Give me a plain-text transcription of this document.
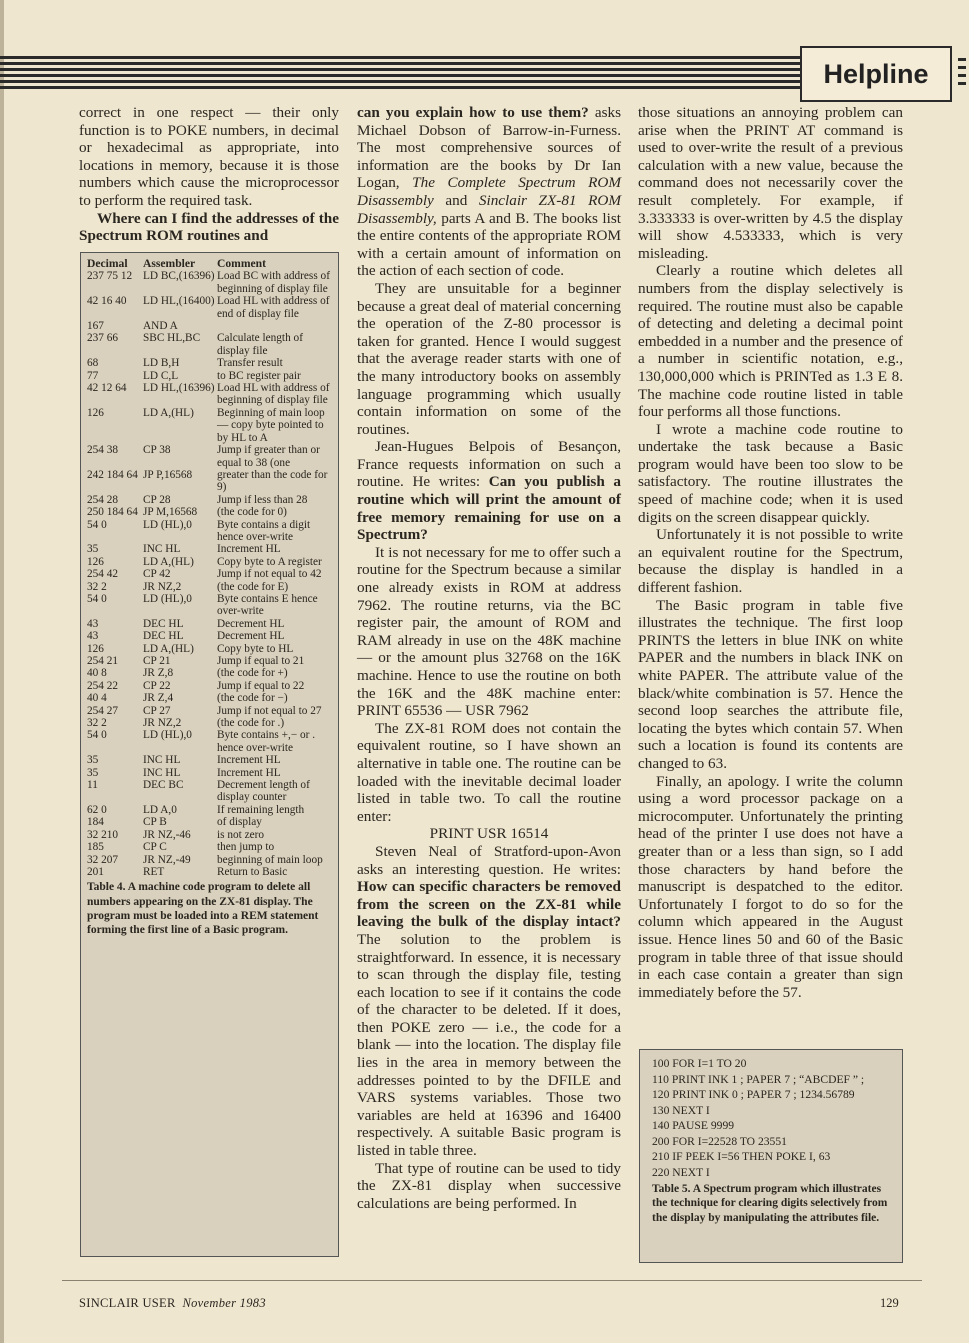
Helpline

correct in one respect — their only function is to POKE numbers, in decimal or hexadecimal as appropriate, into locations in memory, because it is those numbers which cause the microprocessor to perform the required task.

Where can I find the addresses of the Spectrum ROM routines and

Decimal	Assembler	Comment
237 75 12	LD BC,(16396)	Load BC with address of beginning of display file
42 16 40	LD HL,(16400)	Load HL with address of end of display file
167	AND A	
237 66	SBC HL,BC	Calculate length of display file
68	LD B,H	Transfer result
77	LD C,L	to BC register pair
42 12 64	LD HL,(16396)	Load HL with address of beginning of display file
126	LD A,(HL)	Beginning of main loop — copy byte pointed to by HL to A
254 38	CP 38	Jump if greater than or equal to 38 (one
242 184 64	JP P,16568	greater than the code for 9)
254 28	CP 28	Jump if less than 28
250 184 64	JP M,16568	(the code for 0)
54 0	LD (HL),0	Byte contains a digit hence over-write
35	INC HL	Increment HL
126	LD A,(HL)	Copy byte to A register
254 42	CP 42	Jump if not equal to 42
32 2	JR NZ,2	(the code for E)
54 0	LD (HL),0	Byte contains E hence over-write
43	DEC HL	Decrement HL
43	DEC HL	Decrement HL
126	LD A,(HL)	Copy byte to HL
254 21	CP 21	Jump if equal to 21
40 8	JR Z,8	(the code for +)
254 22	CP 22	Jump if equal to 22
40 4	JR Z,4	(the code for −)
254 27	CP 27	Jump if not equal to 27
32 2	JR NZ,2	(the code for .)
54 0	LD (HL),0	Byte contains +,− or . hence over-write
35	INC HL	Increment HL
35	INC HL	Increment HL
11	DEC BC	Decrement length of display counter
62 0	LD A,0	If remaining length
184	CP B	of display
32 210	JR NZ,-46	is not zero
185	CP C	then jump to
32 207	JR NZ,-49	beginning of main loop
201	RET	Return to Basic
Table 4. A machine code program to delete all numbers appearing on the ZX-81 display. The program must be loaded into a REM statement forming the first line of a Basic program.

can you explain how to use them? asks Michael Dobson of Barrow-in-Furness. The most comprehensive sources of information are the books by Dr Ian Logan, The Complete Spectrum ROM Disassembly and Sinclair ZX-81 ROM Disassembly, parts A and B. The books list the entire contents of the appropriate ROM with a certain amount of information on the action of each section of code.

They are unsuitable for a beginner because a great deal of material concerning the operation of the Z-80 processor is taken for granted. Hence I would suggest that the average reader starts with one of the many introductory books on assembly language programming which usually contain information on some of the routines.

Jean-Hugues Belpois of Besançon, France requests information on such a routine. He writes: Can you publish a routine which will print the amount of free memory remaining for use on a Spectrum?

It is not necessary for me to offer such a routine for the Spectrum because a similar one already exists in ROM at address 7962. The routine returns, via the BC register pair, the amount of ROM and RAM already in use on the 48K machine — or the amount plus 32768 on the 16K machine. Hence to use the routine on both the 16K and the 48K machine enter: PRINT 65536 — USR 7962

The ZX-81 ROM does not contain the equivalent routine, so I have shown an alternative in table one. The routine can be loaded with the inevitable decimal loader listed in table two. To call the routine enter:

PRINT USR 16514

Steven Neal of Stratford-upon-Avon asks an interesting question. He writes: How can specific characters be removed from the screen on the ZX-81 while leaving the bulk of the display intact? The solution to the problem is straightforward. In essence, it is necessary to scan through the display file, testing each location to see if it contains the code of the character to be deleted. If it does, then POKE zero — i.e., the code for a blank — into the location. The display file lies in the area in memory between the addresses pointed to by the DFILE and VARS systems variables. Those two variables are held at 16396 and 16400 respectively. A suitable Basic program is listed in table three.

That type of routine can be used to tidy the ZX-81 display when successive calculations are being performed. In

those situations an annoying problem can arise when the PRINT AT command is used to over-write the result of a previous calculation with a new value, because the command does not necessarily cover the result completely. For example, if 3.333333 is over-written by 4.5 the display will show 4.533333, which is very misleading.

Clearly a routine which deletes all numbers from the display selectively is required. The routine must also be capable of detecting and deleting a decimal point embedded in a number and the presence of a number in scientific notation, e.g., 130,000,000 which is PRINTed as 1.3 E 8. The machine code routine listed in table four performs all those functions.

I wrote a machine code routine to undertake the task because a Basic program would have been too slow to be satisfactory. The routine illustrates the speed of machine code; when it is used digits on the screen disappear quickly.

Unfortunately it is not possible to write an equivalent routine for the Spectrum, because the display is handled in a different fashion.

The Basic program in table five illustrates the technique. The first loop PRINTS the letters in blue INK on white PAPER and the numbers in black INK on white PAPER. The attribute value of the black/white combination is 57. Hence the second loop searches the attribute file, locating the bytes which contain 57. When such a location is found its contents are changed to 63.

Finally, an apology. I write the column using a word processor package on a microcomputer. Unfortunately the printing head of the printer I use does not have a greater than or a less than sign, so I add those characters by hand before the manuscript is despatched to the editor. Unfortunately I forgot to do so for the column which appeared in the August issue. Hence lines 50 and 60 of the Basic program in table three of that issue should in each case contain a greater than sign immediately before the 57.

100 FOR I=1 TO 20
110 PRINT INK 1 ; PAPER 7 ; “ABCDEF ” ;
120 PRINT INK 0 ; PAPER 7 ; 1234.56789
130 NEXT I
140 PAUSE 9999
200 FOR I=22528 TO 23551
210 IF PEEK I=56 THEN POKE I, 63
220 NEXT I
Table 5. A Spectrum program which illustrates the technique for clearing digits selectively from the display by manipulating the attributes file.
SINCLAIR USER November 1983	129
